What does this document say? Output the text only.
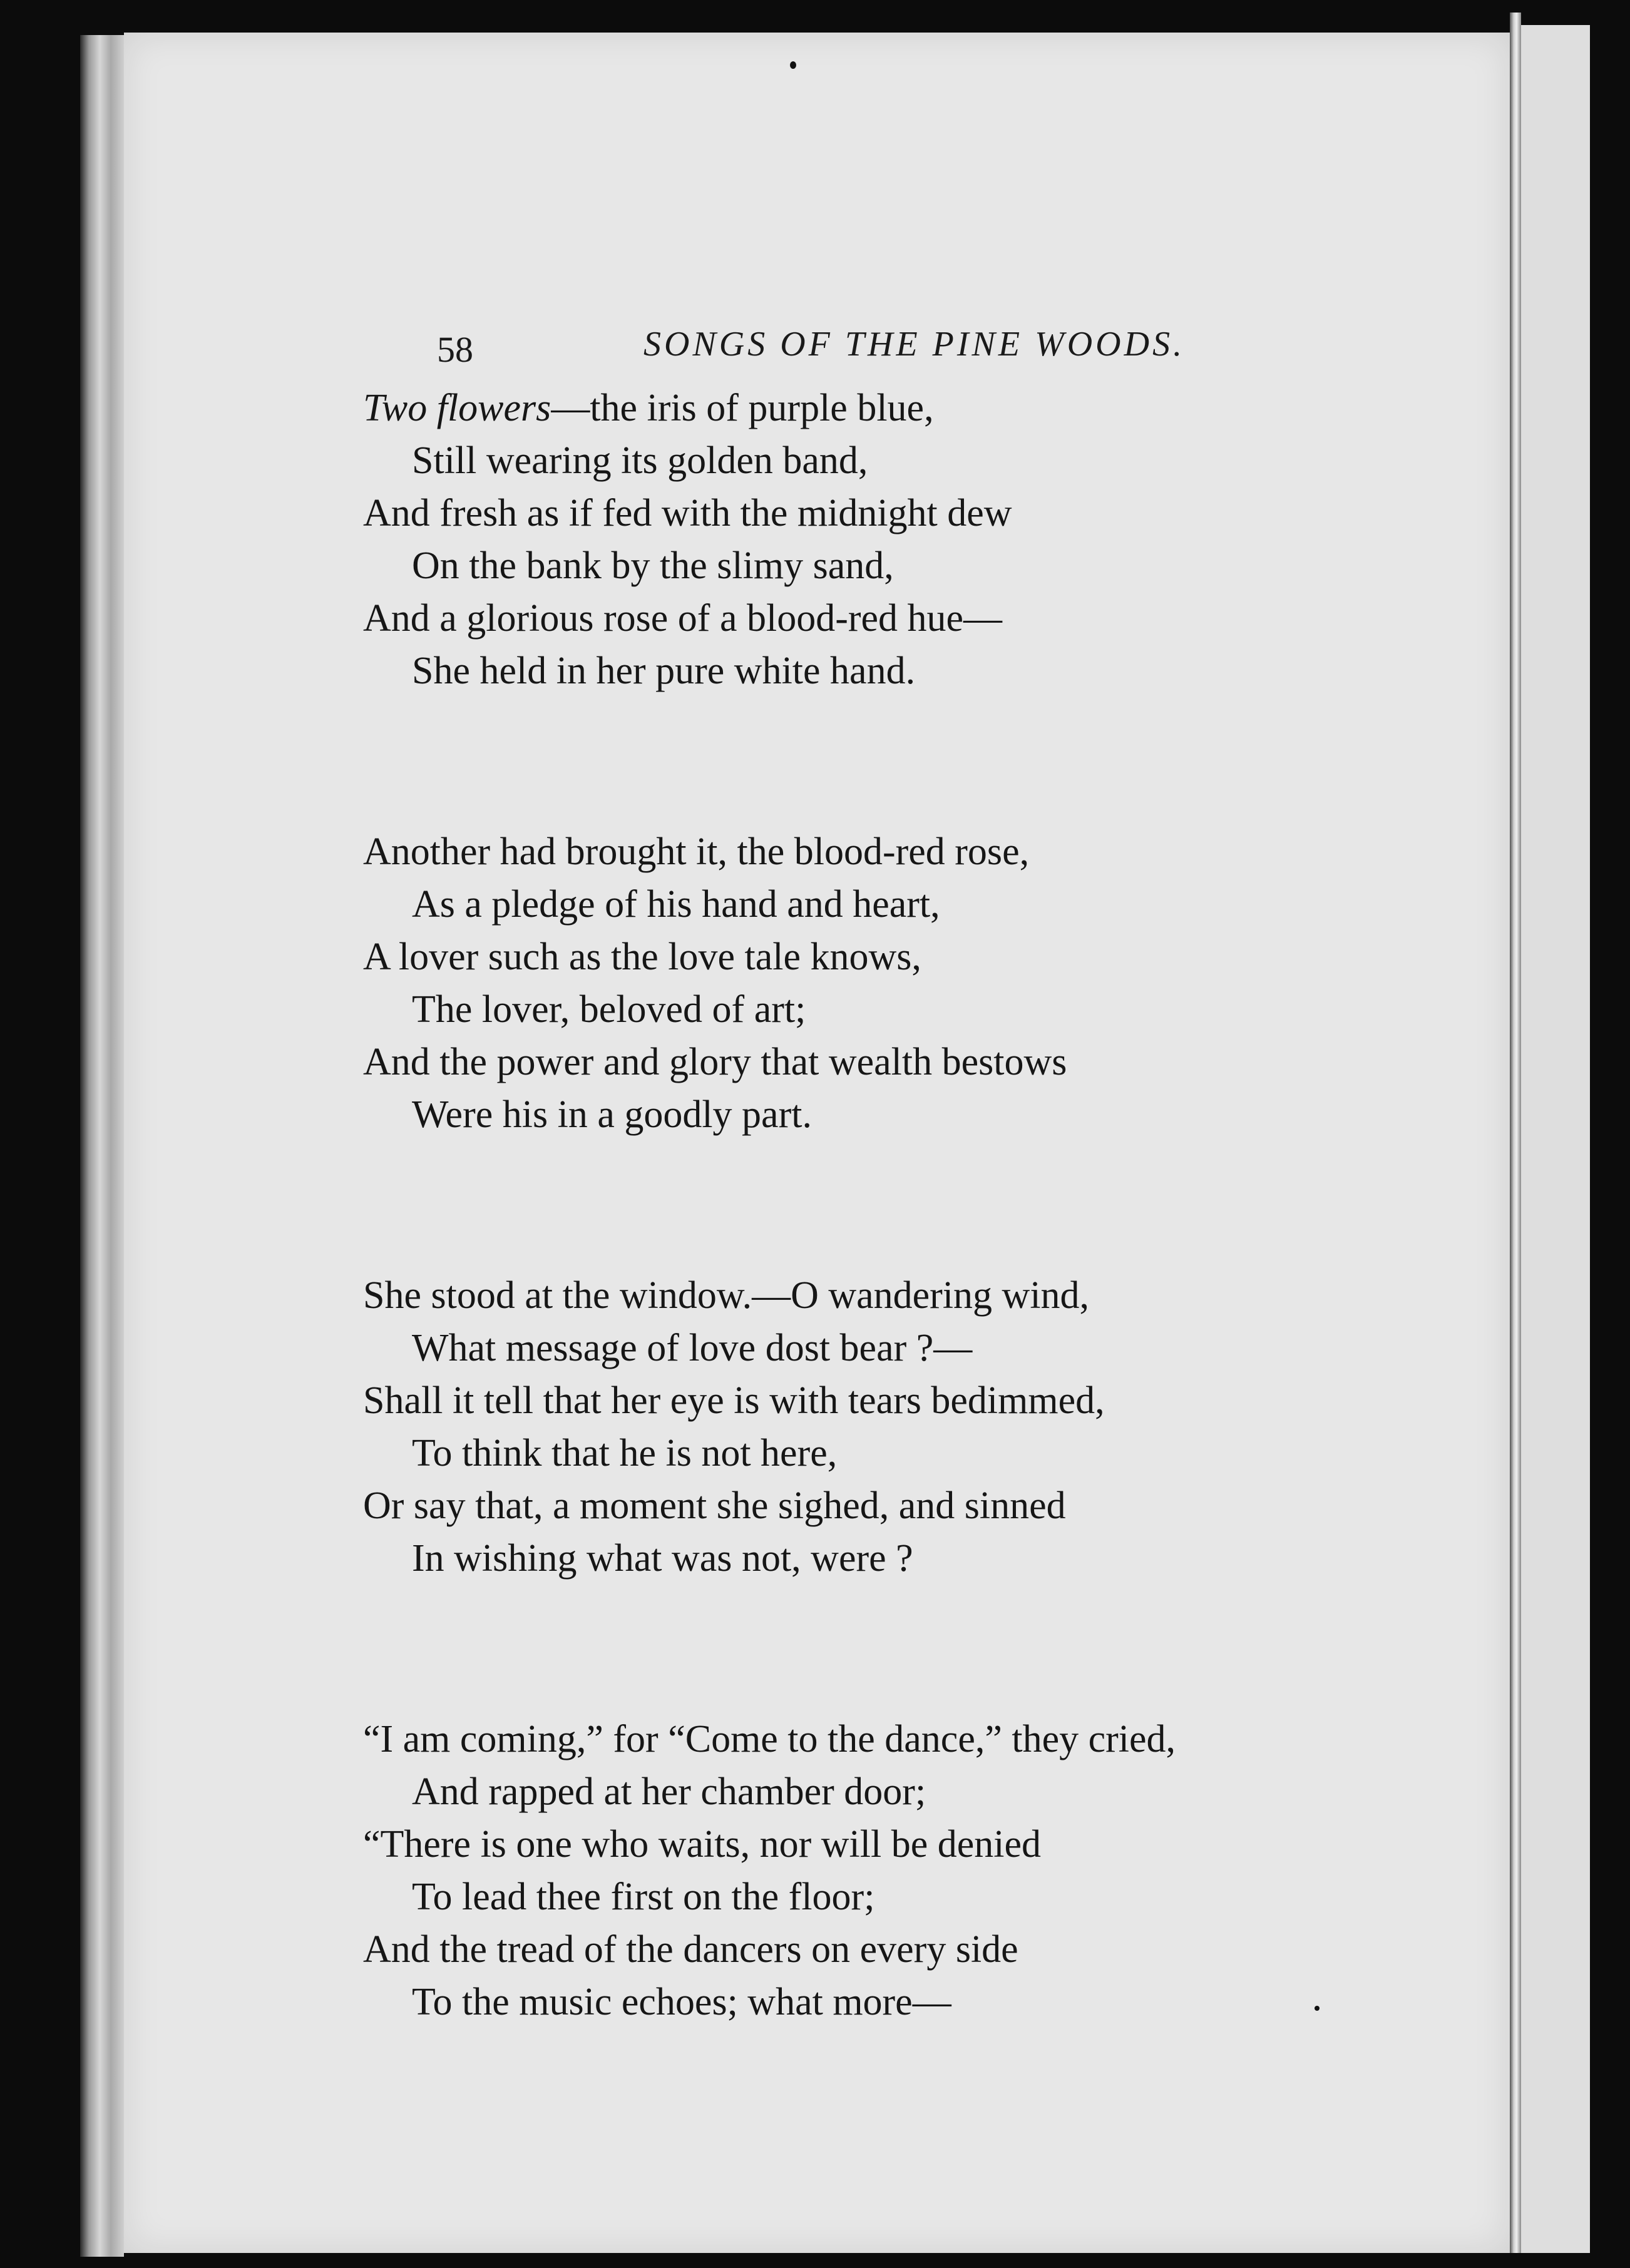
58	SONGS OF THE PINE WOODS.
Two flowers—the iris of purple blue,
Still wearing its golden band,
And fresh as if fed with the midnight dew
On the bank by the slimy sand,
And a glorious rose of a blood-red hue—
She held in her pure white hand.
Another had brought it, the blood-red rose,
As a pledge of his hand and heart,
A lover such as the love tale knows,
The lover, beloved of art;
And the power and glory that wealth bestows
Were his in a goodly part.
She stood at the window.—O wandering wind,
What message of love dost bear ?—
Shall it tell that her eye is with tears bedimmed,
To think that he is not here,
Or say that, a moment she sighed, and sinned
In wishing what was not, were ?
“I am coming,” for “Come to the dance,” they cried,
And rapped at her chamber door;
“There is one who waits, nor will be denied
To lead thee first on the floor;
And the tread of the dancers on every side
To the music echoes; what more—
